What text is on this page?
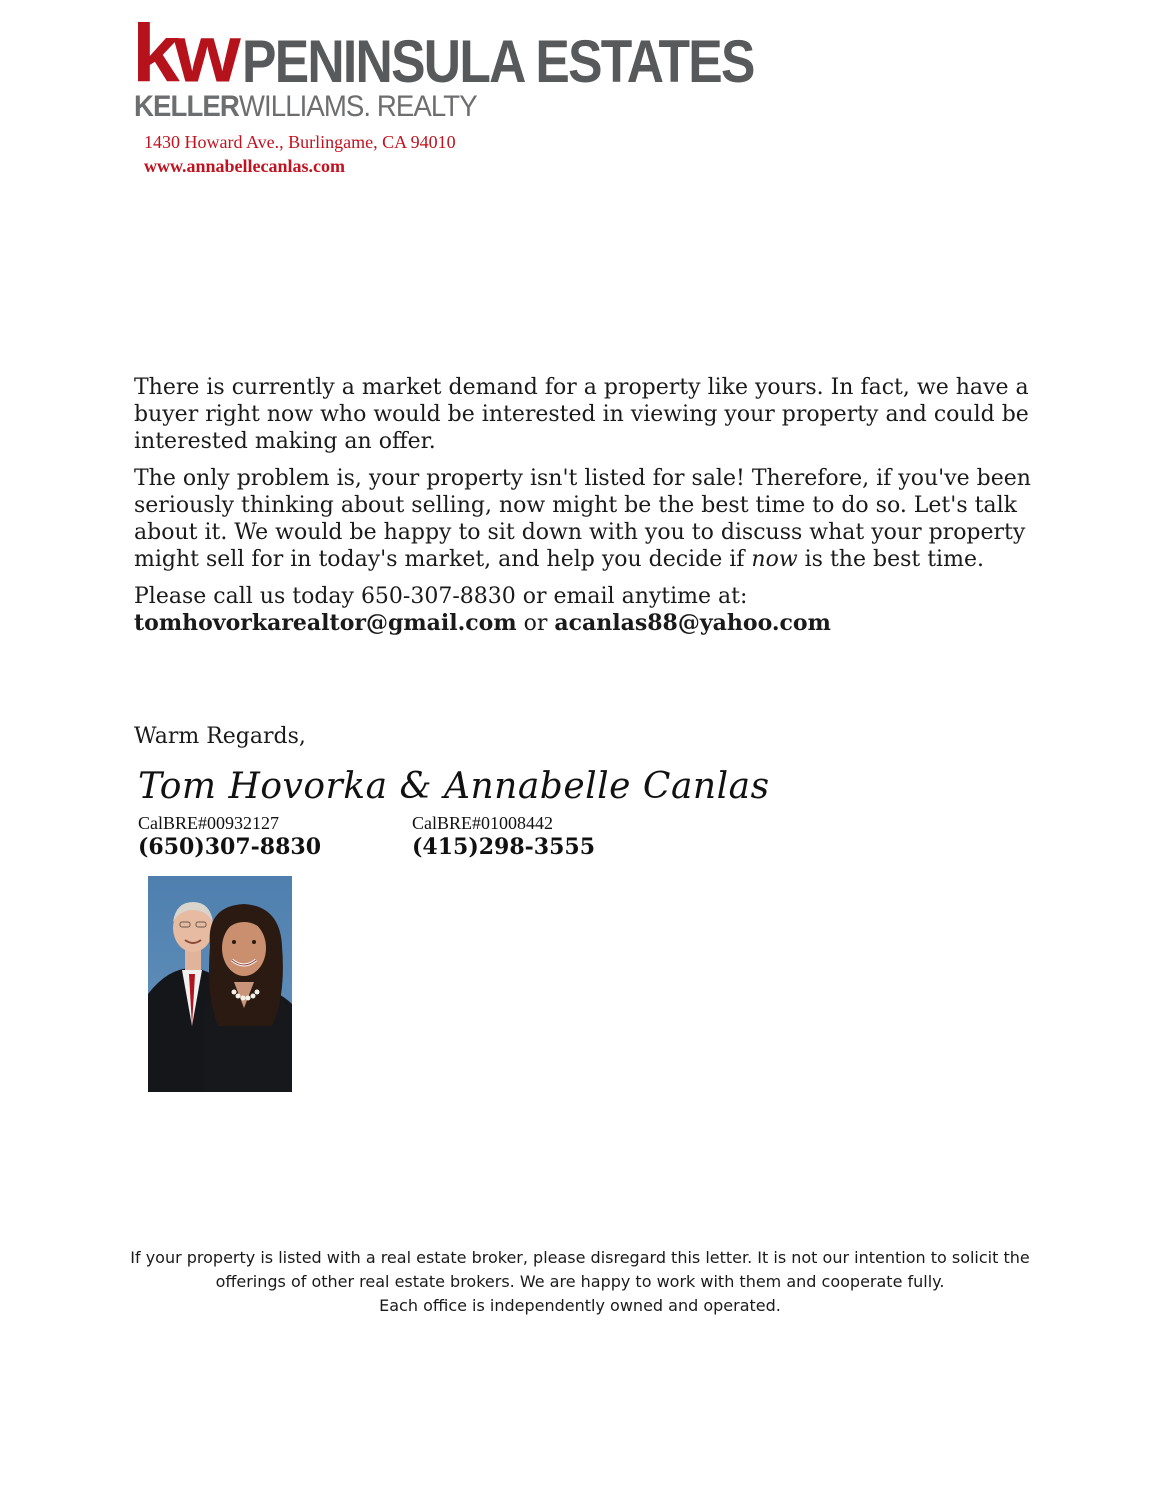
kw PENINSULA ESTATES
KELLERWILLIAMS. REALTY
1430 Howard Ave., Burlingame, CA 94010
www.annabellecanlas.com

There is currently a market demand for a property like yours. In fact, we have a buyer right now who would be interested in viewing your property and could be interested making an offer.

The only problem is, your property isn't listed for sale! Therefore, if you've been seriously thinking about selling, now might be the best time to do so. Let's talk about it. We would be happy to sit down with you to discuss what your property might sell for in today's market, and help you decide if now is the best time.

Please call us today 650-307-8830 or email anytime at:
tomhovorkarealtor@gmail.com or acanlas88@yahoo.com

Warm Regards,
Tom Hovorka & Annabelle Canlas
CalBRE#00932127
(650)307-8830
CalBRE#01008442
(415)298-3555
If your property is listed with a real estate broker, please disregard this letter. It is not our intention to solicit the
offerings of other real estate brokers. We are happy to work with them and cooperate fully.
Each office is independently owned and operated.
